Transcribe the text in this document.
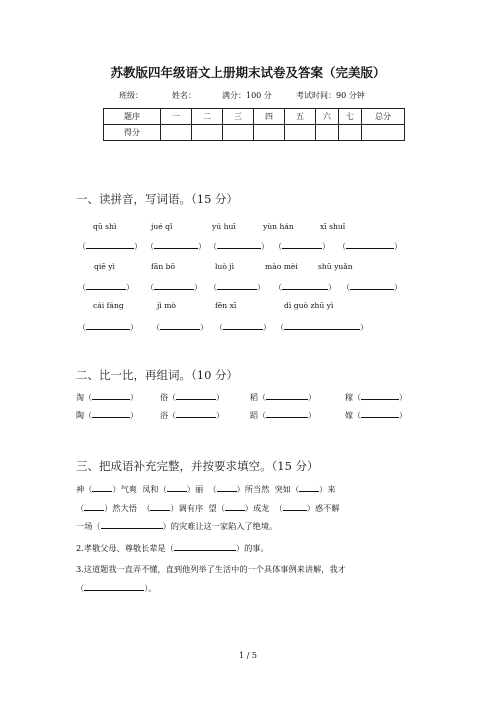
苏教版四年级语文上册期末试卷及答案（完美版）
班级：	姓名：	满分：100 分	考试时间：90 分钟
题序	一	二	三	四	五	六	七	总分
得分								
一、读拼音，写词语。（15 分）
qū shì	jué qǐ	yú huī	yùn hán	xī shuǐ
（	） （	） （	） （	） （	）
qiē yì	fān bō	luò jì	mào mèi	shū yuǎn
（	） （	） （	） （	） （	）
cái fáng	jì mò	fēn xī	dì guò zhū yì
（	） （	） （	） （	）
二、比一比，再组词。（10 分）
淘（	）	俗（	）	稻（	）	稼（	）
陶（	）	浴（	）	蹈（	）	嫁（	）
三、把成语补充完整，并按要求填空。（15 分）
神（ ）气爽 凤和（ ）丽 （ ）所当然 突如（ ）来
（ ）然大悟 （ ）调有序 望（ ）成龙 （	）惑不解
一场（	）的灾难让这一家陷入了绝境。
2.孝敬父母、尊敬长辈是（	）的事。
3.这道题我一直弄不懂，直到他列举了生活中的一个具体事例来讲解，我才
（	）。
1 / 5
